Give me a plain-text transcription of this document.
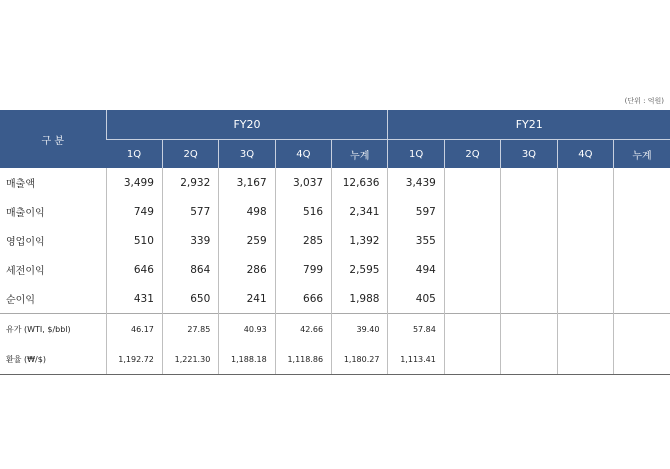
(단위 : 억원)
구 분	FY20					FY21				
	1Q	2Q	3Q	4Q	누계	1Q	2Q	3Q	4Q	누계
매출액	3,499	2,932	3,167	3,037	12,636	3,439				
매출이익	749	577	498	516	2,341	597				
영업이익	510	339	259	285	1,392	355				
세전이익	646	864	286	799	2,595	494				
순이익	431	650	241	666	1,988	405				
유가 (WTI, $/bbl)	46.17	27.85	40.93	42.66	39.40	57.84				
환율 (₩/$)	1,192.72	1,221.30	1,188.18	1,118.86	1,180.27	1,113.41				
